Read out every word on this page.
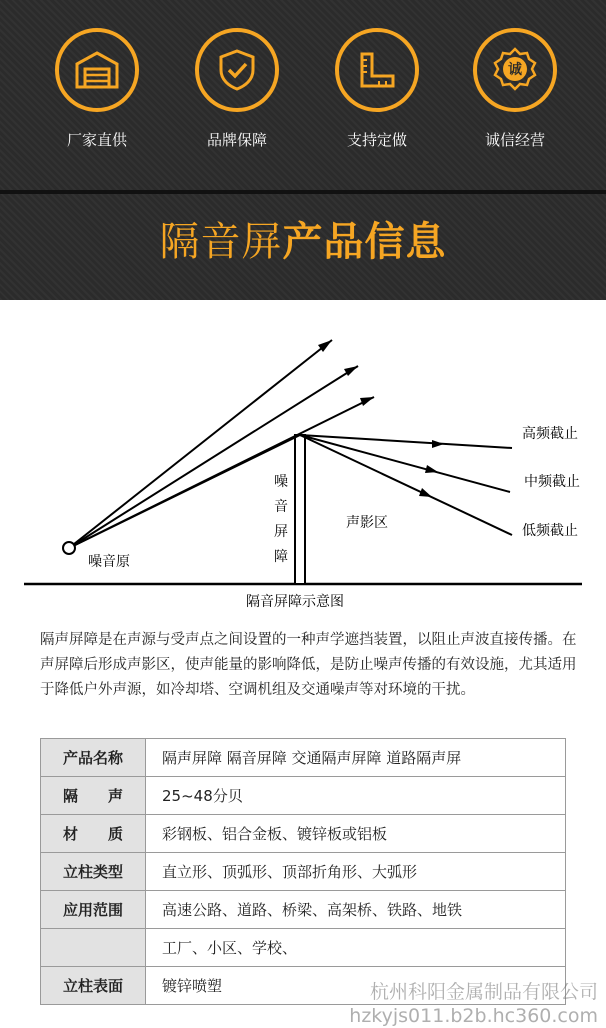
厂家直供	品牌保障	支持定做
诚
诚信经营
隔音屏产品信息
噪音原
噪
音
屏
障
声影区
高频截止
中频截止
低频截止
隔音屏障示意图

隔声屏障是在声源与受声点之间设置的一种声学遮挡装置，以阻止声波直接传播。在声屏障后形成声影区，使声能量的影响降低，是防止噪声传播的有效设施，尤其适用于降低户外声源，如冷却塔、空调机组及交通噪声等对环境的干扰。

产品名称	隔声屏障 隔音屏障 交通隔声屏障 道路隔声屏
隔　　声	25~48分贝
材　　质	彩钢板、铝合金板、镀锌板或铝板
立柱类型	直立形、顶弧形、顶部折角形、大弧形
应用范围	高速公路、道路、桥梁、高架桥、铁路、地铁
	工厂、小区、学校、
立柱表面	镀锌喷塑	杭州科阳金属制品有限公司
hzkyjs011.b2b.hc360.com
